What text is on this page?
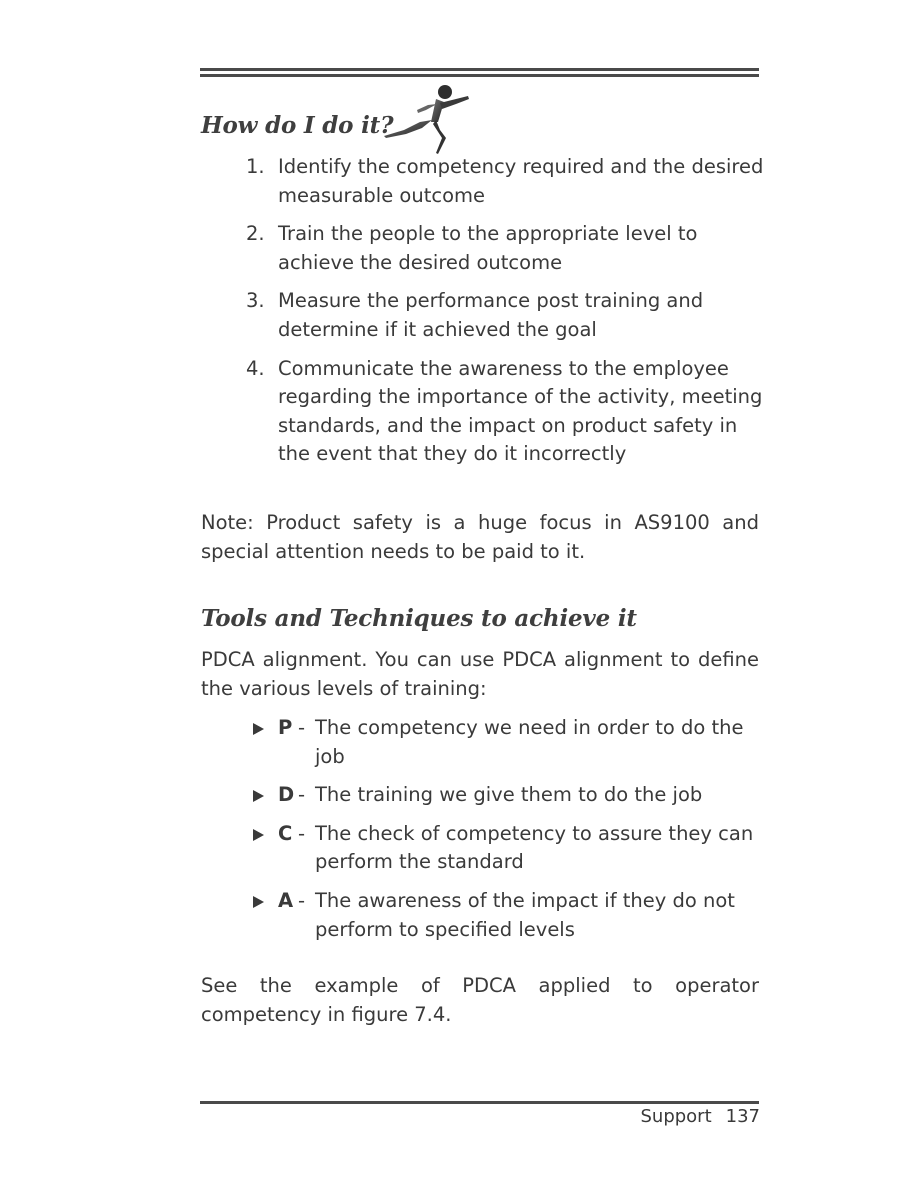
How do I do it?
1. Identify the competency required and the desired measurable outcome
2. Train the people to the appropriate level to achieve the desired outcome
3. Measure the performance post training and determine if it achieved the goal
4. Communicate the awareness to the employee regarding the importance of the activity, meeting standards, and the impact on product safety in the event that they do it incorrectly

Note: Product safety is a huge focus in AS9100 and special attention needs to be paid to it.

Tools and Techniques to achieve it

PDCA alignment. You can use PDCA alignment to define the various levels of training:

P - The competency we need in order to do the job
D - The training we give them to do the job
C - The check of competency to assure they can perform the standard
A - The awareness of the impact if they do not perform to specified levels

See the example of PDCA applied to operator competency in figure 7.4.

Support 137
